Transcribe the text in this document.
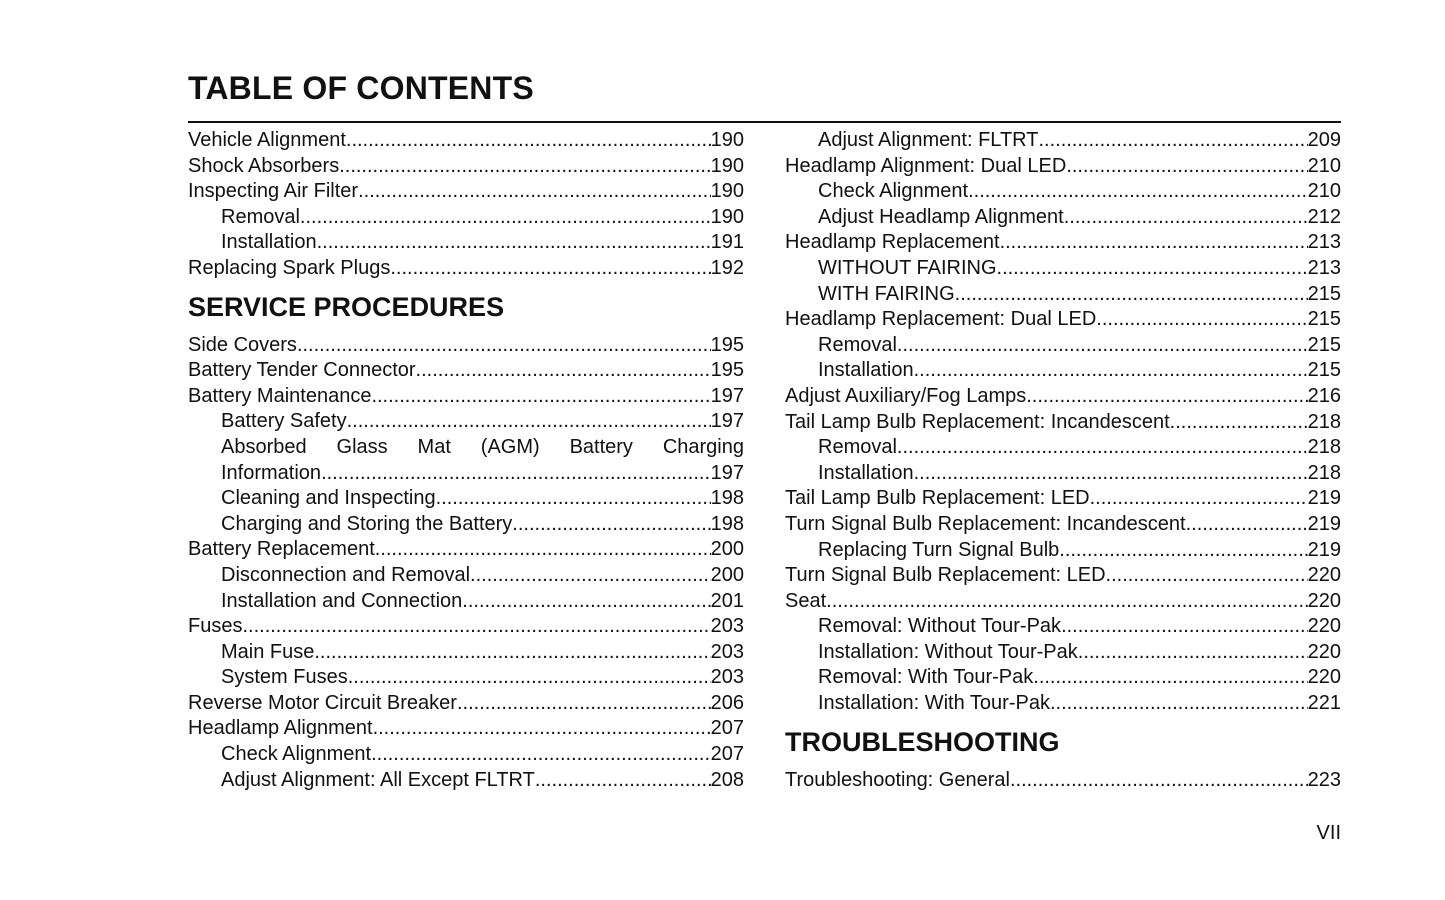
TABLE OF CONTENTS
Vehicle Alignment .....	190
Shock Absorbers .....	190
Inspecting Air Filter .....	190
Removal .....	190
Installation .....	191
Replacing Spark Plugs .....	192
SERVICE PROCEDURES
Side Covers .....	195
Battery Tender Connector .....	195
Battery Maintenance .....	197
Battery Safety .....	197
Absorbed Glass Mat (AGM) Battery Charging
Information .....	197
Cleaning and Inspecting .....	198
Charging and Storing the Battery .....	198
Battery Replacement .....	200
Disconnection and Removal .....	200
Installation and Connection .....	201
Fuses .....	203
Main Fuse .....	203
System Fuses .....	203
Reverse Motor Circuit Breaker .....	206
Headlamp Alignment .....	207
Check Alignment .....	207
Adjust Alignment: All Except FLTRT .....	208
Adjust Alignment: FLTRT .....	209
Headlamp Alignment: Dual LED .....	210
Check Alignment .....	210
Adjust Headlamp Alignment .....	212
Headlamp Replacement .....	213
WITHOUT FAIRING .....	213
WITH FAIRING .....	215
Headlamp Replacement: Dual LED .....	215
Removal .....	215
Installation .....	215
Adjust Auxiliary/Fog Lamps .....	216
Tail Lamp Bulb Replacement: Incandescent .....	218
Removal .....	218
Installation .....	218
Tail Lamp Bulb Replacement: LED .....	219
Turn Signal Bulb Replacement: Incandescent .....	219
Replacing Turn Signal Bulb .....	219
Turn Signal Bulb Replacement: LED .....	220
Seat .....	220
Removal: Without Tour-Pak .....	220
Installation: Without Tour-Pak .....	220
Removal: With Tour-Pak .....	220
Installation: With Tour-Pak .....	221
TROUBLESHOOTING
Troubleshooting: General .....	223
VII
